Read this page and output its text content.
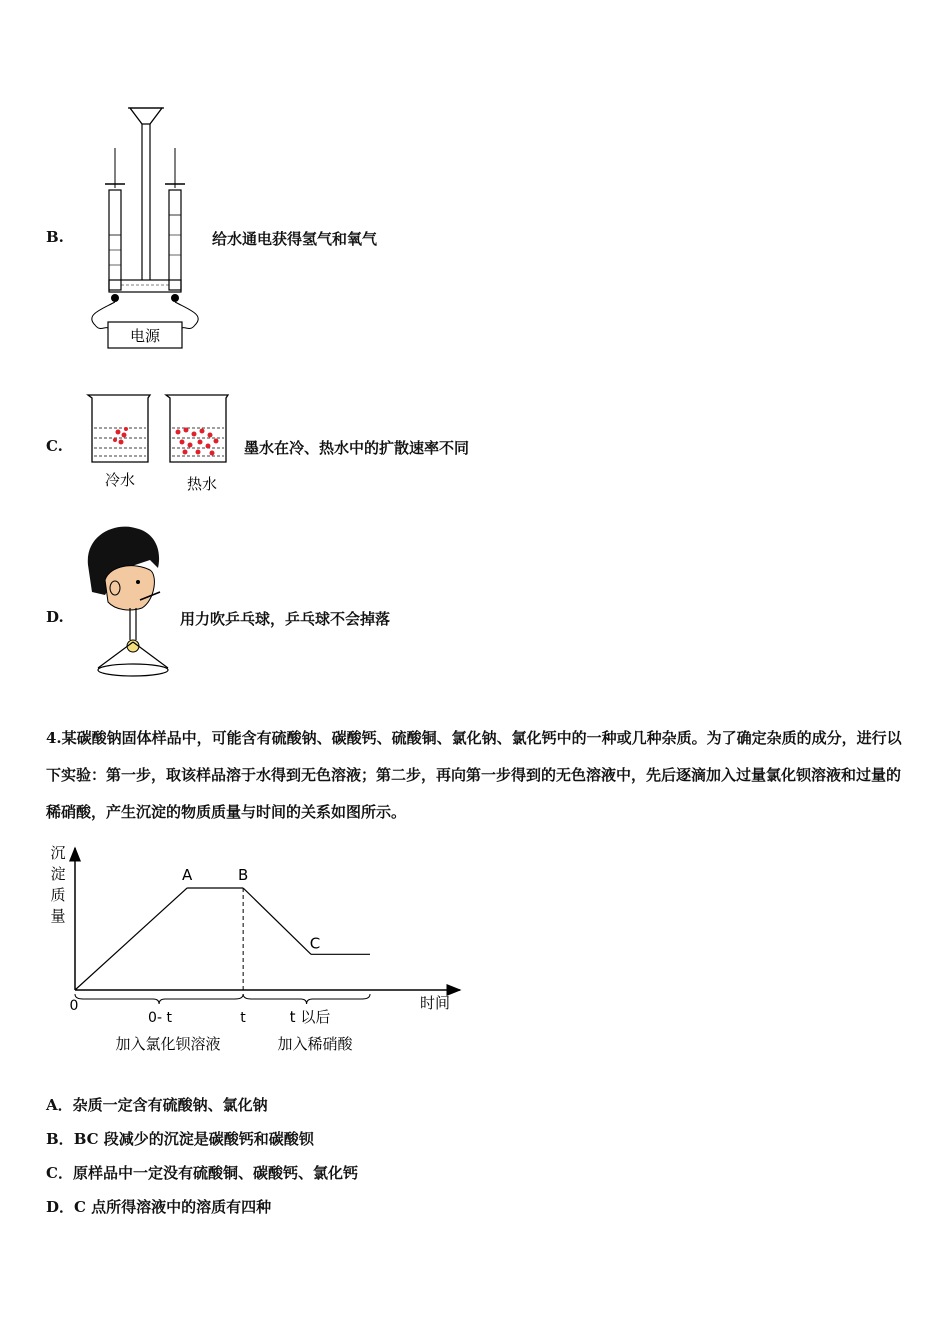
B.
电源
给水通电获得氢气和氧气
C.
冷水	热水
墨水在冷、热水中的扩散速率不同
D.	用力吹乒乓球，乒乓球不会掉落
4.某碳酸钠固体样品中，可能含有硫酸钠、碳酸钙、硫酸铜、氯化钠、氯化钙中的一种或几种杂质。为了确定杂质的成分，进行以下实验：第一步，取该样品溶于水得到无色溶液；第二步，再向第一步得到的无色溶液中，先后逐滴加入过量氯化钡溶液和过量的稀硝酸，产生沉淀的物质质量与时间的关系如图所示。
沉
淀
质
量
时间
0
A	B
C
t
0- t	t 以后
加入氯化钡溶液	加入稀硝酸
A．杂质一定含有硫酸钠、氯化钠
B．BC 段减少的沉淀是碳酸钙和碳酸钡
C．原样品中一定没有硫酸铜、碳酸钙、氯化钙
D．C 点所得溶液中的溶质有四种
